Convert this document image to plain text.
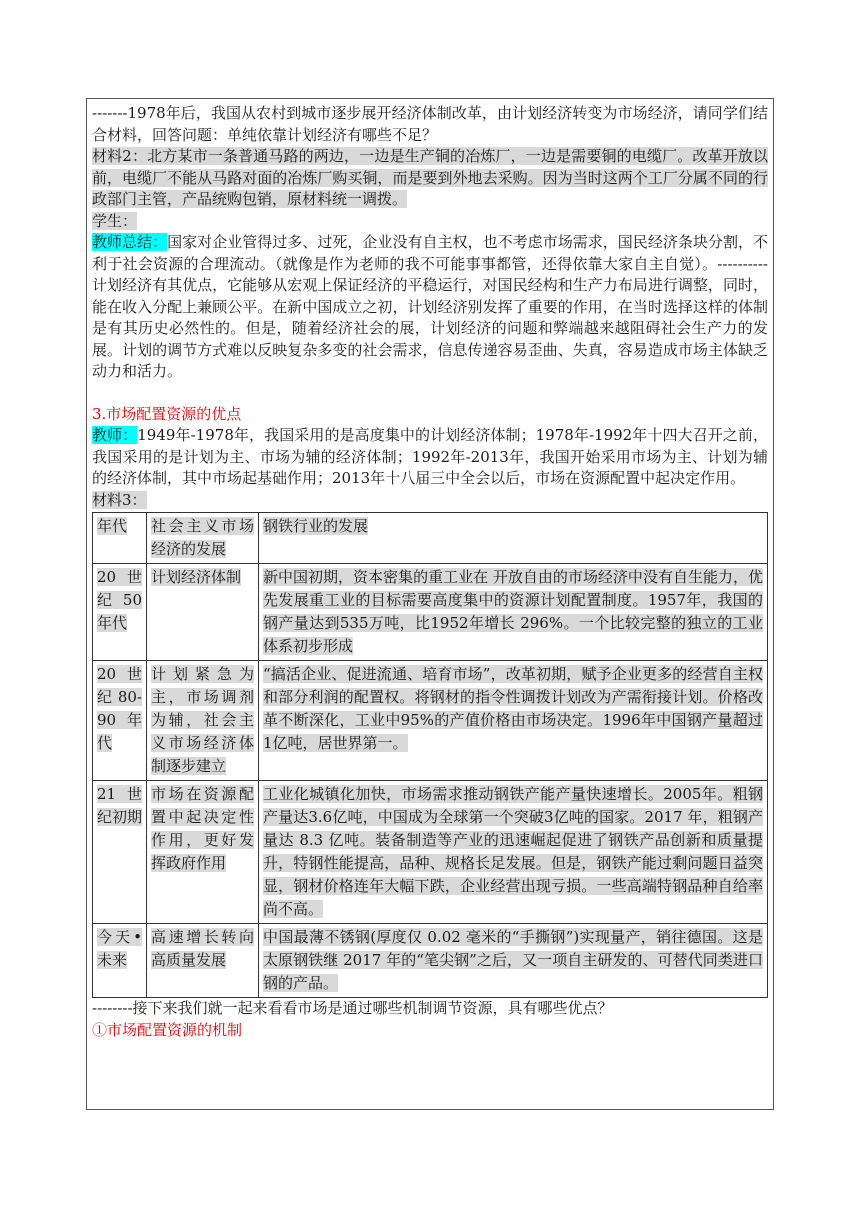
-------1978年后，我国从农村到城市逐步展开经济体制改革，由计划经济转变为市场经济，请同学们结合材料，回答问题：单纯依靠计划经济有哪些不足？

材料2：北方某市一条普通马路的两边，一边是生产铜的冶炼厂，一边是需要铜的电缆厂。改革开放以前，电缆厂不能从马路对面的冶炼厂购买铜，而是要到外地去采购。因为当时这两个工厂分属不同的行政部门主管，产品统购包销，原材料统一调拨。

学生：

教师总结：国家对企业管得过多、过死，企业没有自主权，也不考虑市场需求，国民经济条块分割，不利于社会资源的合理流动。（就像是作为老师的我不可能事事都管，还得依靠大家自主自觉）。----------计划经济有其优点，它能够从宏观上保证经济的平稳运行，对国民经构和生产力布局进行调整，同时，能在收入分配上兼顾公平。在新中国成立之初，计划经济别发挥了重要的作用，在当时选择这样的体制是有其历史必然性的。但是，随着经济社会的展，计划经济的问题和弊端越来越阻碍社会生产力的发展。计划的调节方式难以反映复杂多变的社会需求，信息传递容易歪曲、失真，容易造成市场主体缺乏动力和活力。

3.市场配置资源的优点

教师：1949年-1978年，我国采用的是高度集中的计划经济体制；1978年-1992年十四大召开之前，我国采用的是计划为主、市场为辅的经济体制；1992年-2013年，我国开始采用市场为主、计划为辅的经济体制，其中市场起基础作用；2013年十八届三中全会以后，市场在资源配置中起决定作用。

材料3：

年代	社会主义市场经济的发展	钢铁行业的发展
20世纪50年代	计划经济体制	新中国初期，资本密集的重工业在 开放自由的市场经济中没有自生能力，优先发展重工业的目标需要高度集中的资源计划配置制度。1957年，我国的钢产量达到535万吨，比1952年增长 296%。一个比较完整的独立的工业体系初步形成
20世纪80-90年代	计划紧急为主，市场调剂为辅，社会主义市场经济体制逐步建立	“搞活企业、促进流通、培育市场”，改革初期，赋予企业更多的经营自主权和部分利润的配置权。将钢材的指令性调拨计划改为产需衔接计划。价格改革不断深化，工业中95%的产值价格由市场决定。1996年中国钢产量超过1亿吨，居世界第一。
21世纪初期	市场在资源配置中起决定性作用，更好发挥政府作用	工业化城镇化加快，市场需求推动钢铁产能产量快速增长。2005年。粗钢产量达3.6亿吨，中国成为全球第一个突破3亿吨的国家。2017 年，粗钢产量达 8.3 亿吨。装备制造等产业的迅速崛起促进了钢铁产品创新和质量提升，特钢性能提高，品种、规格长足发展。但是，钢铁产能过剩问题日益突显，钢材价格连年大幅下跌，企业经营出现亏损。一些高端特钢品种自给率尚不高。
今天•未来	高速增长转向高质量发展	中国最薄不锈钢(厚度仅 0.02 毫米的“手撕钢”)实现量产，销往德国。这是太原钢铁继 2017 年的“笔尖钢”之后，又一项自主研发的、可替代同类进口钢的产品。

--------接下来我们就一起来看看市场是通过哪些机制调节资源，具有哪些优点？

①市场配置资源的机制
